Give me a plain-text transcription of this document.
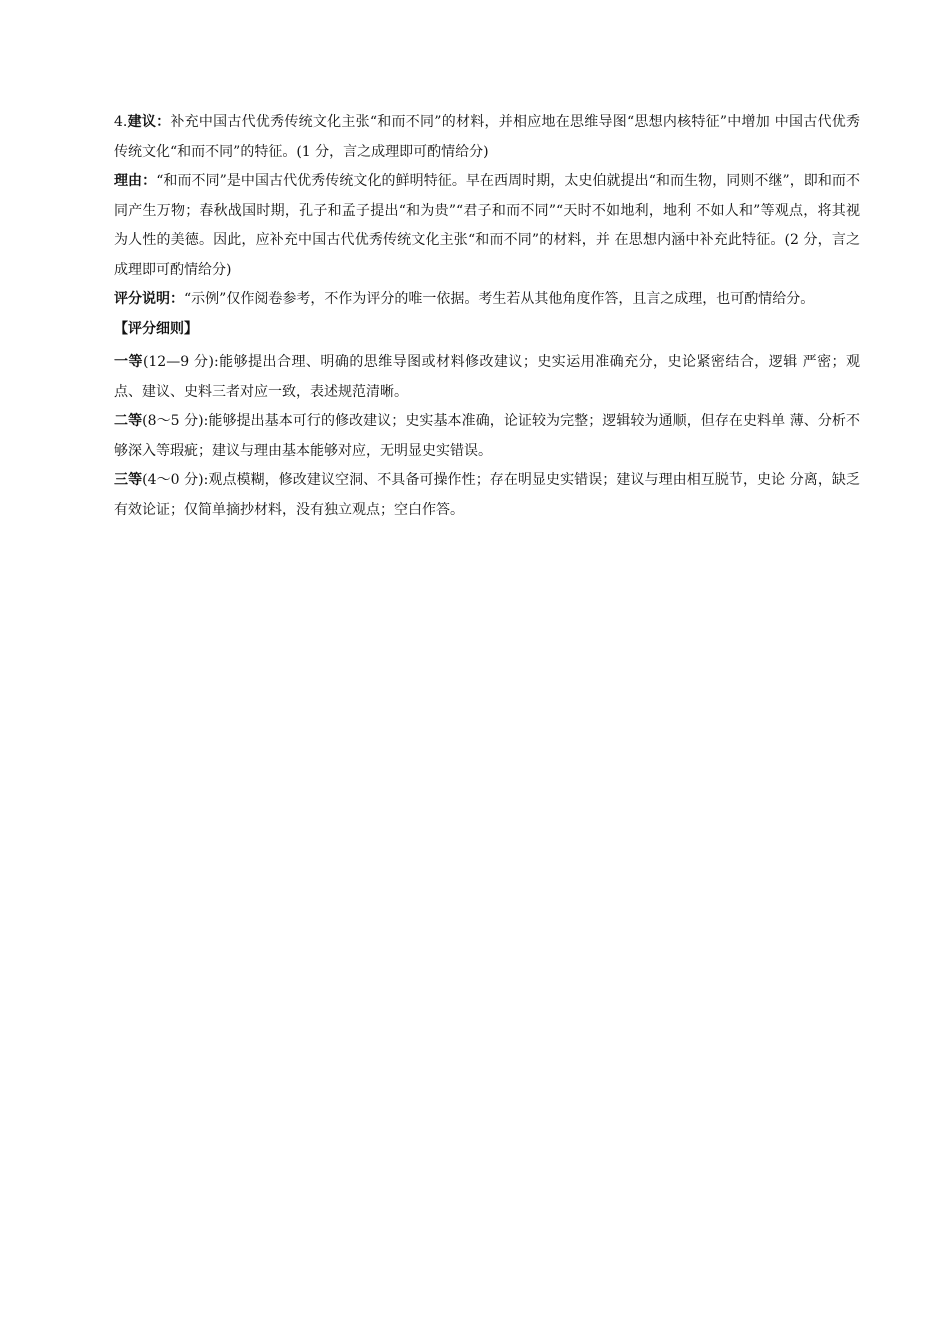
4.建议：补充中国古代优秀传统文化主张“和而不同”的材料，并相应地在思维导图“思想内核特征”中增加 中国古代优秀传统文化“和而不同”的特征。(1 分，言之成理即可酌情给分)

理由：“和而不同”是中国古代优秀传统文化的鲜明特征。早在西周时期，太史伯就提出“和而生物，同则不继”，即和而不同产生万物；春秋战国时期，孔子和孟子提出“和为贵”“君子和而不同”“天时不如地利，地利 不如人和”等观点，将其视为人性的美德。因此，应补充中国古代优秀传统文化主张“和而不同”的材料，并 在思想内涵中补充此特征。(2 分，言之成理即可酌情给分)

评分说明：“示例”仅作阅卷参考，不作为评分的唯一依据。考生若从其他角度作答，且言之成理，也可酌情给分。

【评分细则】

一等(12—9 分):能够提出合理、明确的思维导图或材料修改建议；史实运用准确充分，史论紧密结合，逻辑 严密；观点、建议、史料三者对应一致，表述规范清晰。

二等(8～5 分):能够提出基本可行的修改建议；史实基本准确，论证较为完整；逻辑较为通顺，但存在史料单 薄、分析不够深入等瑕疵；建议与理由基本能够对应，无明显史实错误。

三等(4～0 分):观点模糊，修改建议空洞、不具备可操作性；存在明显史实错误；建议与理由相互脱节，史论 分离，缺乏有效论证；仅简单摘抄材料，没有独立观点；空白作答。
